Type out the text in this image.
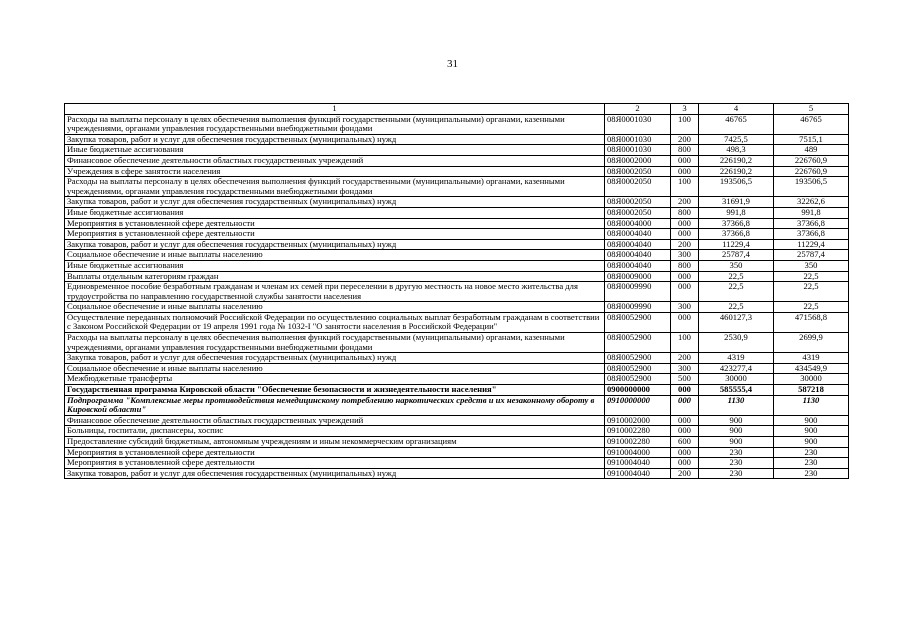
31
1	2	3	4	5
Расходы на выплаты персоналу в целях обеспечения выполнения функций государственными (муниципальными) органами, казенными учреждениями, органами управления государственными внебюджетными фондами	08Я0001030	100	46765	46765
Закупка товаров, работ и услуг для обеспечения государственных (муниципальных) нужд	08Я0001030	200	7425,5	7515,1
Иные бюджетные ассигнования	08Я0001030	800	498,3	489
Финансовое обеспечение деятельности областных государственных учреждений	08Я0002000	000	226190,2	226760,9
Учреждения в сфере занятости населения	08Я0002050	000	226190,2	226760,9
Расходы на выплаты персоналу в целях обеспечения выполнения функций государственными (муниципальными) органами, казенными учреждениями, органами управления государственными внебюджетными фондами	08Я0002050	100	193506,5	193506,5
Закупка товаров, работ и услуг для обеспечения государственных (муниципальных) нужд	08Я0002050	200	31691,9	32262,6
Иные бюджетные ассигнования	08Я0002050	800	991,8	991,8
Мероприятия в установленной сфере деятельности	08Я0004000	000	37366,8	37366,8
Мероприятия в установленной сфере деятельности	08Я0004040	000	37366,8	37366,8
Закупка товаров, работ и услуг для обеспечения государственных (муниципальных) нужд	08Я0004040	200	11229,4	11229,4
Социальное обеспечение и иные выплаты населению	08Я0004040	300	25787,4	25787,4
Иные бюджетные ассигнования	08Я0004040	800	350	350
Выплаты отдельным категориям граждан	08Я0009000	000	22,5	22,5
Единовременное пособие безработным гражданам и членам их семей при переселении в другую местность на новое место жительства для трудоустройства по направлению государственной службы занятости населения	08Я0009990	000	22,5	22,5
Социальное обеспечение и иные выплаты населению	08Я0009990	300	22,5	22,5
Осуществление переданных полномочий Российской Федерации по осуществлению социальных выплат безработным гражданам в соответствии с Законом Российской Федерации от 19 апреля 1991 года № 1032-I "О занятости населения в Российской Федерации"	08Я0052900	000	460127,3	471568,8
Расходы на выплаты персоналу в целях обеспечения выполнения функций государственными (муниципальными) органами, казенными учреждениями, органами управления государственными внебюджетными фондами	08Я0052900	100	2530,9	2699,9
Закупка товаров, работ и услуг для обеспечения государственных (муниципальных) нужд	08Я0052900	200	4319	4319
Социальное обеспечение и иные выплаты населению	08Я0052900	300	423277,4	434549,9
Межбюджетные трансферты	08Я0052900	500	30000	30000
Государственная программа Кировской области "Обеспечение безопасности и жизнедеятельности населения"	0900000000	000	585555,4	587218
Подпрограмма "Комплексные меры противодействия немедицинскому потреблению наркотических средств и их незаконному обороту в Кировской области"	0910000000	000	1130	1130
Финансовое обеспечение деятельности областных государственных учреждений	0910002000	000	900	900
Больницы, госпитали, диспансеры, хоспис	0910002280	000	900	900
Предоставление субсидий бюджетным, автономным учреждениям и иным некоммерческим организациям	0910002280	600	900	900
Мероприятия в установленной сфере деятельности	0910004000	000	230	230
Мероприятия в установленной сфере деятельности	0910004040	000	230	230
Закупка товаров, работ и услуг для обеспечения государственных (муниципальных) нужд	0910004040	200	230	230
